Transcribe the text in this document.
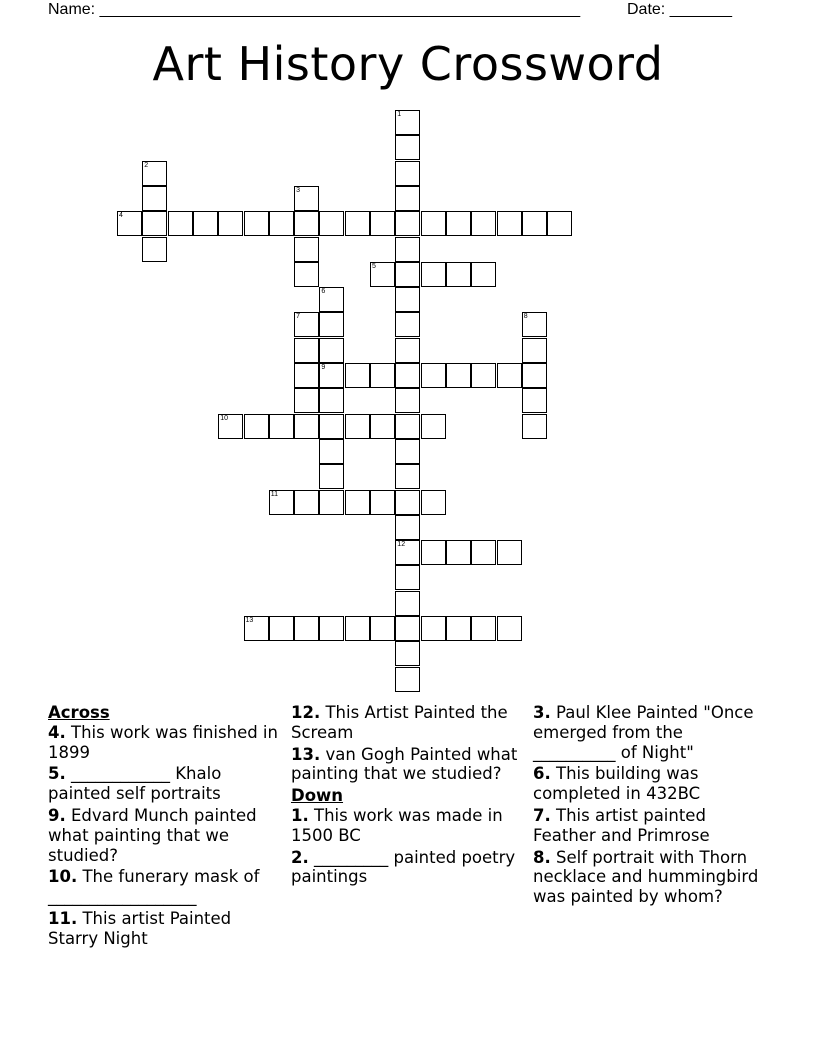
Name: ______________________________________________________	Date: _______
Art History Crossword
1
12
2
3
4
5
6
9
7	8
10
11
13
Across
4. This work was finished in 1899
5. ____________ Khalo painted self portraits
9. Edvard Munch painted what painting that we studied?
10. The funerary mask of __________________
11. This artist Painted Starry Night
12. This Artist Painted the Scream
13. van Gogh Painted what painting that we studied?
Down
1. This work was made in 1500 BC
2. _________ painted poetry paintings
3. Paul Klee Painted "Once emerged from the __________ of Night"
6. This building was completed in 432BC
7. This artist painted Feather and Primrose
8. Self portrait with Thorn necklace and hummingbird was painted by whom?
